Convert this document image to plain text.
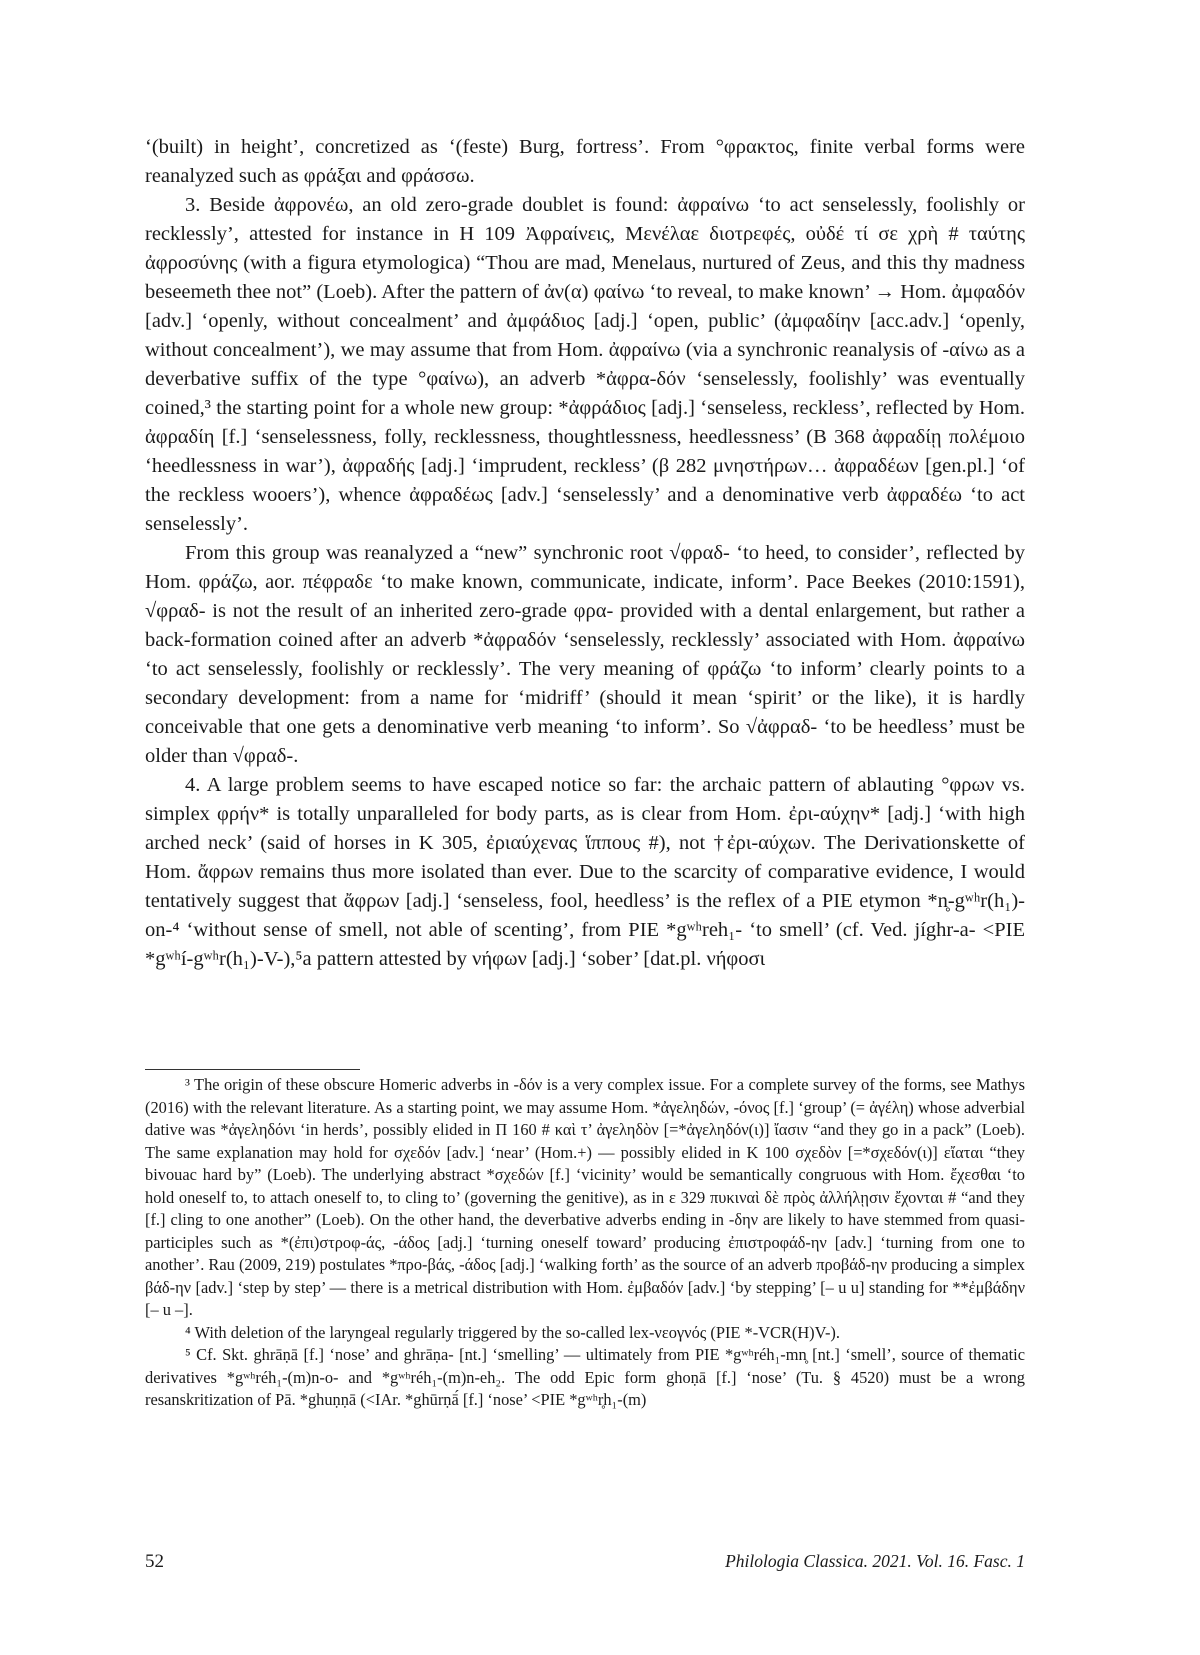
‘(built) in height’, concretized as ‘(feste) Burg, fortress’. From °φρακτος, finite verbal forms were reanalyzed such as φράξαι and φράσσω.

3. Beside ἀφρονέω, an old zero-grade doublet is found: ἀφραίνω ‘to act senselessly, foolishly or recklessly’, attested for instance in H 109 Ἀφραίνεις, Μενέλαε διοτρεφές, οὐδέ τί σε χρὴ # ταύτης ἀφροσύνης (with a figura etymologica) “Thou are mad, Menelaus, nurtured of Zeus, and this thy madness beseemeth thee not” (Loeb). After the pattern of ἀν(α) φαίνω ‘to reveal, to make known’ → Hom. ἀμφαδόν [adv.] ‘openly, without concealment’ and ἀμφάδιος [adj.] ‘open, public’ (ἀμφαδίην [acc.adv.] ‘openly, without concealment’), we may assume that from Hom. ἀφραίνω (via a synchronic reanalysis of -αίνω as a deverbative suffix of the type °φαίνω), an adverb *ἀφρα-δόν ‘senselessly, foolishly’ was eventually coined,³ the starting point for a whole new group: *ἀφράδιος [adj.] ‘senseless, reckless’, reflected by Hom. ἀφραδίη [f.] ‘senselessness, folly, recklessness, thoughtlessness, heedlessness’ (B 368 ἀφραδίῃ πολέμοιο ‘heedlessness in war’), ἀφραδής [adj.] ‘imprudent, reckless’ (β 282 μνηστήρων… ἀφραδέων [gen.pl.] ‘of the reckless wooers’), whence ἀφραδέως [adv.] ‘senselessly’ and a denominative verb ἀφραδέω ‘to act senselessly’.

From this group was reanalyzed a “new” synchronic root √φραδ- ‘to heed, to consider’, reflected by Hom. φράζω, aor. πέφραδε ‘to make known, communicate, indicate, inform’. Pace Beekes (2010:1591), √φραδ- is not the result of an inherited zero-grade φρα- provided with a dental enlargement, but rather a back-formation coined after an adverb *ἀφραδόν ‘senselessly, recklessly’ associated with Hom. ἀφραίνω ‘to act senselessly, foolishly or recklessly’. The very meaning of φράζω ‘to inform’ clearly points to a secondary development: from a name for ‘midriff’ (should it mean ‘spirit’ or the like), it is hardly conceivable that one gets a denominative verb meaning ‘to inform’. So √ἀφραδ- ‘to be heedless’ must be older than √φραδ-.

4. A large problem seems to have escaped notice so far: the archaic pattern of ablauting °φρων vs. simplex φρήν* is totally unparalleled for body parts, as is clear from Hom. ἐρι-αύχην* [adj.] ‘with high arched neck’ (said of horses in K 305, ἐριαύχενας ἵππους #), not †ἐρι-αύχων. The Derivationskette of Hom. ἄφρων remains thus more isolated than ever. Due to the scarcity of comparative evidence, I would tentatively suggest that ἄφρων [adj.] ‘senseless, fool, heedless’ is the reflex of a PIE etymon *n̥-gʷʰr(h₁)-on-⁴ ‘without sense of smell, not able of scenting’, from PIE *gʷʰreh₁- ‘to smell’ (cf. Ved. jíghr-a- <PIE *gʷʰí-gʷʰr(h₁)-V-),⁵a pattern attested by νήφων [adj.] ‘sober’ [dat.pl. νήφοσι

³ The origin of these obscure Homeric adverbs in -δόν is a very complex issue. For a complete survey of the forms, see Mathys (2016) with the relevant literature. As a starting point, we may assume Hom. *ἀγεληδών, -όνος [f.] ‘group’ (= ἀγέλη) whose adverbial dative was *ἀγεληδόνι ‘in herds’, possibly elided in Π 160 # καὶ τ’ ἀγεληδὸν [=*ἀγεληδόν(ι)] ἴασιν “and they go in a pack” (Loeb). The same explanation may hold for σχεδόν [adv.] ‘near’ (Hom.+) — possibly elided in K 100 σχεδὸν [=*σχεδόν(ι)] εἴαται “they bivouac hard by” (Loeb). The underlying abstract *σχεδών [f.] ‘vicinity’ would be semantically congruous with Hom. ἔχεσθαι ‘to hold oneself to, to attach oneself to, to cling to’ (governing the genitive), as in ε 329 πυκιναὶ δὲ πρὸς ἀλλήλῃσιν ἔχονται # “and they [f.] cling to one another” (Loeb). On the other hand, the deverbative adverbs ending in -δην are likely to have stemmed from quasi-participles such as *(ἐπι)στροφ-άς, -άδος [adj.] ‘turning oneself toward’ producing ἐπιστροφάδ-ην [adv.] ‘turning from one to another’. Rau (2009, 219) postulates *προ-βάς, -άδος [adj.] ‘walking forth’ as the source of an adverb προβάδ-ην producing a simplex βάδ-ην [adv.] ‘step by step’ — there is a metrical distribution with Hom. ἐμβαδόν [adv.] ‘by stepping’ [– u u] standing for **ἐμβάδην [– u –].

⁴ With deletion of the laryngeal regularly triggered by the so-called lex-νεογνός (PIE *-VCR(H)V-).

⁵ Cf. Skt. ghrāṇā [f.] ‘nose’ and ghrāṇa- [nt.] ‘smelling’ — ultimately from PIE *gʷʰréh₁-mn̥ [nt.] ‘smell’, source of thematic derivatives *gʷʰréh₁-(m)n-o- and *gʷʰréh₁-(m)n-eh₂. The odd Epic form ghoṇā [f.] ‘nose’ (Tu. § 4520) must be a wrong resanskritization of Pā. *ghuṇṇā (<IAr. *ghūrṇā́ [f.] ‘nose’ <PIE *gʷʰr̥h₁-(m)

52	Philologia Classica. 2021. Vol. 16. Fasc. 1
